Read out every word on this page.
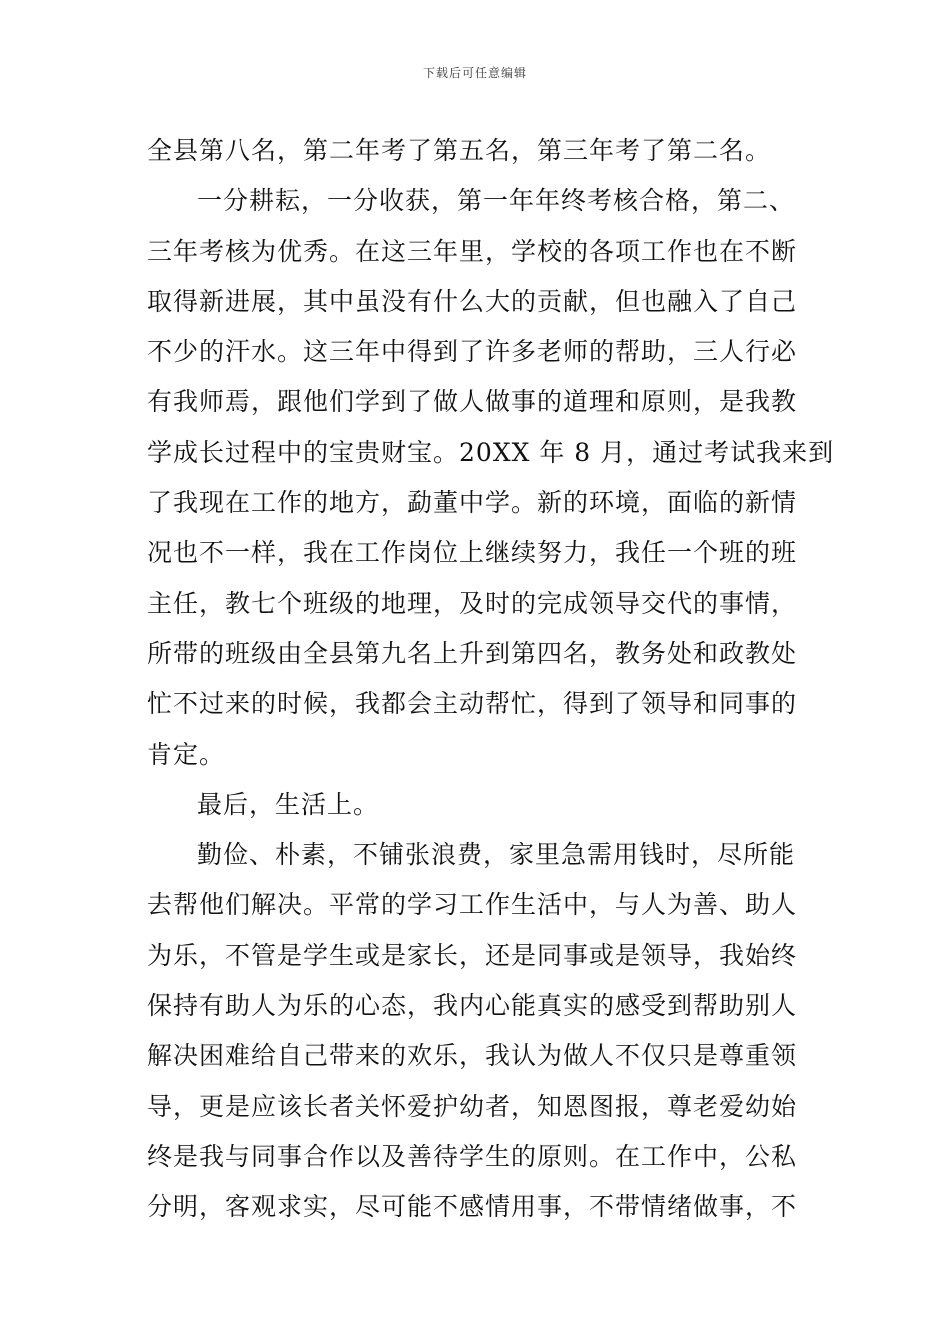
下载后可任意编辑
全县第八名，第二年考了第五名，第三年考了第二名。
一分耕耘，一分收获，第一年年终考核合格，第二、
三年考核为优秀。在这三年里，学校的各项工作也在不断
取得新进展，其中虽没有什么大的贡献，但也融入了自己
不少的汗水。这三年中得到了许多老师的帮助，三人行必
有我师焉，跟他们学到了做人做事的道理和原则，是我教
学成长过程中的宝贵财宝。20XX 年 8 月，通过考试我来到
了我现在工作的地方，勐董中学。新的环境，面临的新情
况也不一样，我在工作岗位上继续努力，我任一个班的班
主任，教七个班级的地理，及时的完成领导交代的事情，
所带的班级由全县第九名上升到第四名，教务处和政教处
忙不过来的时候，我都会主动帮忙，得到了领导和同事的
肯定。
最后，生活上。
勤俭、朴素，不铺张浪费，家里急需用钱时，尽所能
去帮他们解决。平常的学习工作生活中，与人为善、助人
为乐，不管是学生或是家长，还是同事或是领导，我始终
保持有助人为乐的心态，我内心能真实的感受到帮助别人
解决困难给自己带来的欢乐，我认为做人不仅只是尊重领
导，更是应该长者关怀爱护幼者，知恩图报，尊老爱幼始
终是我与同事合作以及善待学生的原则。在工作中，公私
分明，客观求实，尽可能不感情用事，不带情绪做事，不
